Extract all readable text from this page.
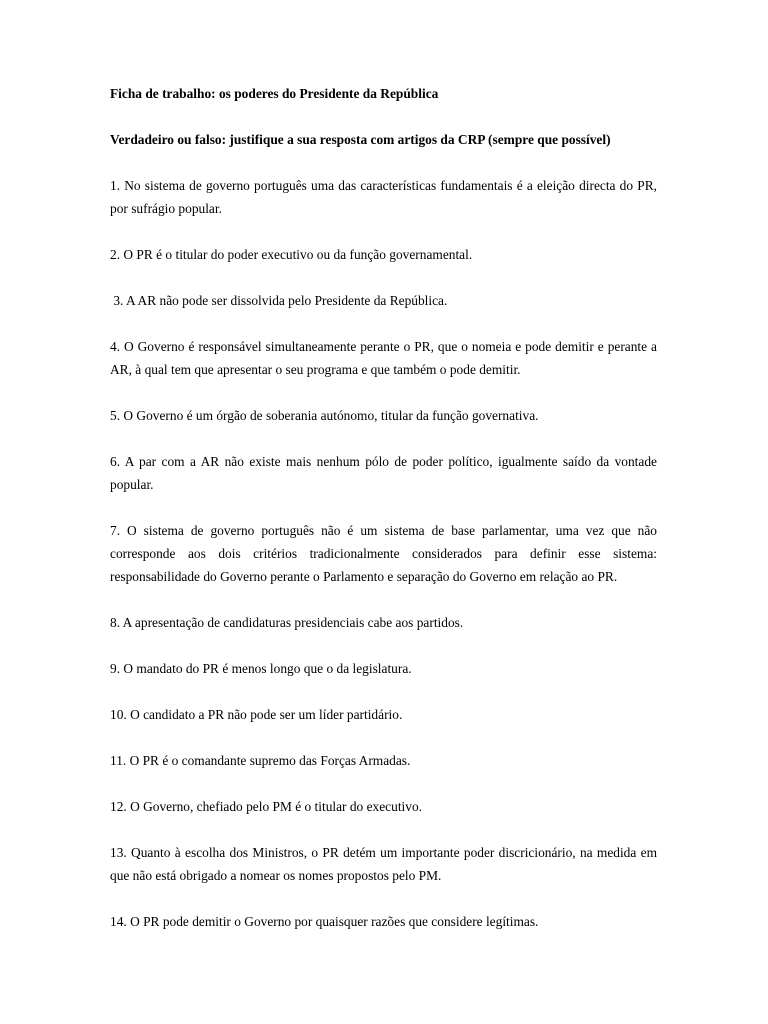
Ficha de trabalho: os poderes do Presidente da República

Verdadeiro ou falso: justifique a sua resposta com artigos da CRP (sempre que possível)

1. No sistema de governo português uma das características fundamentais é a eleição directa do PR, por sufrágio popular.
2. O PR é o titular do poder executivo ou da função governamental.
3. A AR não pode ser dissolvida pelo Presidente da República.
4. O Governo é responsável simultaneamente perante o PR, que o nomeia e pode demitir e perante a AR, à qual tem que apresentar o seu programa e que também o pode demitir.
5. O Governo é um órgão de soberania autónomo, titular da função governativa.
6. A par com a AR não existe mais nenhum pólo de poder político, igualmente saído da vontade popular.
7. O sistema de governo português não é um sistema de base parlamentar, uma vez que não corresponde aos dois critérios tradicionalmente considerados para definir esse sistema: responsabilidade do Governo perante o Parlamento e separação do Governo em relação ao PR.
8. A apresentação de candidaturas presidenciais cabe aos partidos.
9. O mandato do PR é menos longo que o da legislatura.
10. O candidato a PR não pode ser um líder partidário.
11. O PR é o comandante supremo das Forças Armadas.
12. O Governo, chefiado pelo PM é o titular do executivo.
13. Quanto à escolha dos Ministros, o PR detém um importante poder discricionário, na medida em que não está obrigado a nomear os nomes propostos pelo PM.
14. O PR pode demitir o Governo por quaisquer razões que considere legítimas.
